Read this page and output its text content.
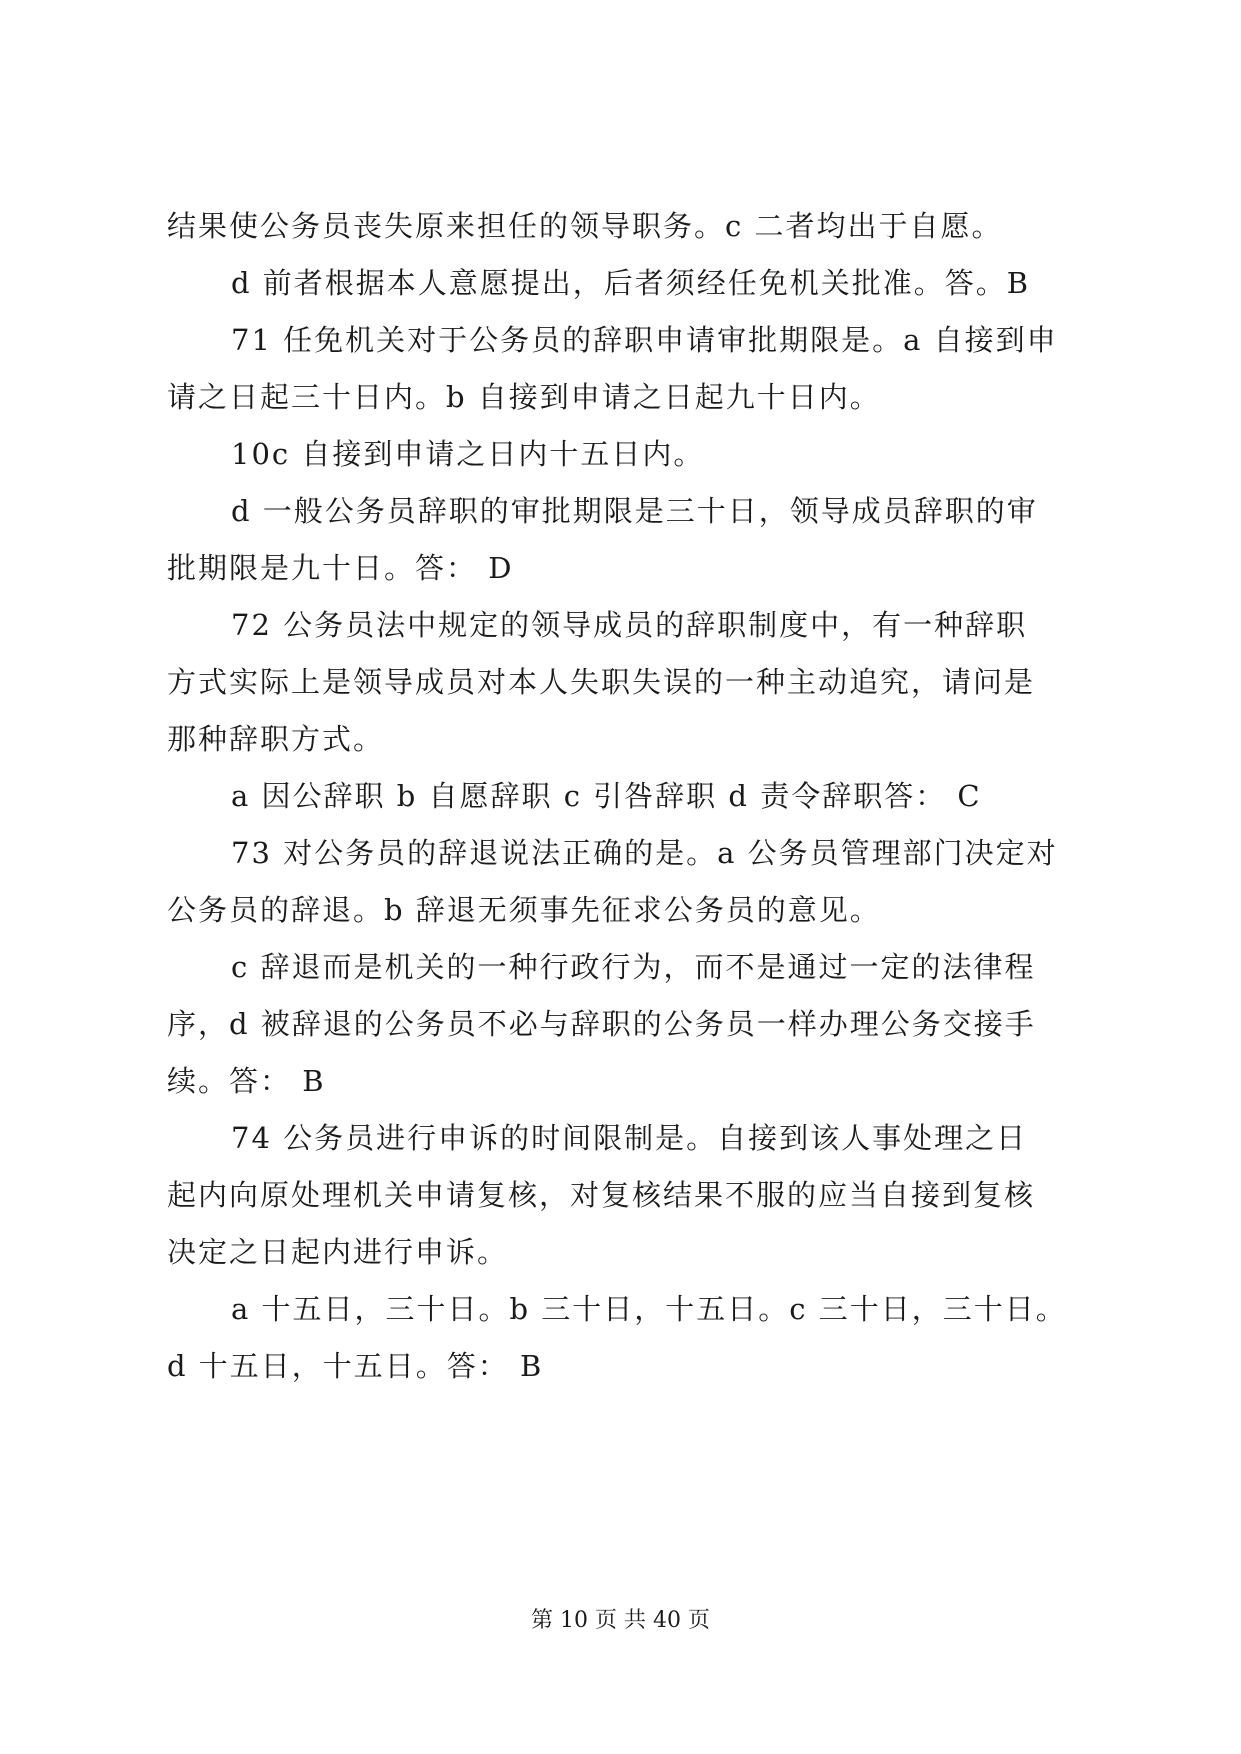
结果使公务员丧失原来担任的领导职务。c 二者均出于自愿。
d 前者根据本人意愿提出，后者须经任免机关批准。答。B
71 任免机关对于公务员的辞职申请审批期限是。a 自接到申
请之日起三十日内。b 自接到申请之日起九十日内。
10c 自接到申请之日内十五日内。
d 一般公务员辞职的审批期限是三十日，领导成员辞职的审
批期限是九十日。答： D
72 公务员法中规定的领导成员的辞职制度中，有一种辞职
方式实际上是领导成员对本人失职失误的一种主动追究，请问是
那种辞职方式。
a 因公辞职 b 自愿辞职 c 引咎辞职 d 责令辞职答： C
73 对公务员的辞退说法正确的是。a 公务员管理部门决定对
公务员的辞退。b 辞退无须事先征求公务员的意见。
c 辞退而是机关的一种行政行为，而不是通过一定的法律程
序，d 被辞退的公务员不必与辞职的公务员一样办理公务交接手
续。答： B
74 公务员进行申诉的时间限制是。自接到该人事处理之日
起内向原处理机关申请复核，对复核结果不服的应当自接到复核
决定之日起内进行申诉。
a 十五日，三十日。b 三十日，十五日。c 三十日，三十日。
d 十五日，十五日。答： B
第 10 页 共 40 页
